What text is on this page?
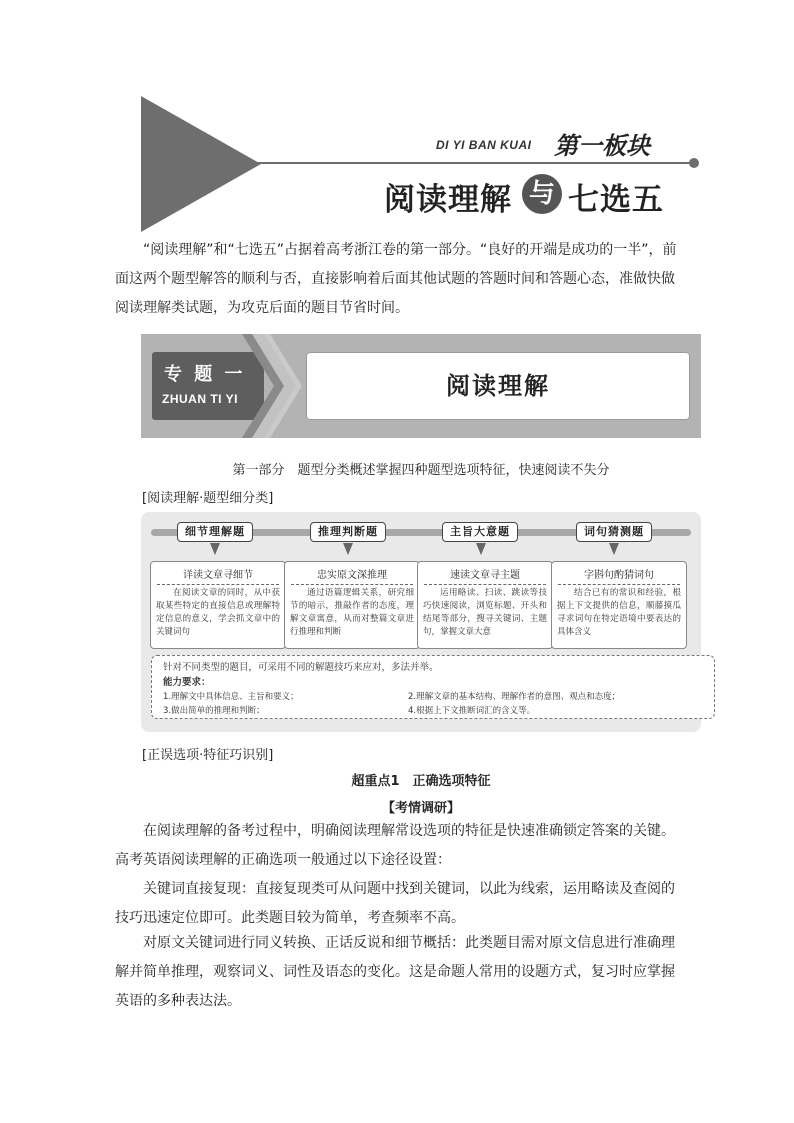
DI YI BAN KUAI 第一板块
阅读理解 与 七选五

“阅读理解”和“七选五”占据着高考浙江卷的第一部分。“良好的开端是成功的一半”，前面这两个题型解答的顺利与否，直接影响着后面其他试题的答题时间和答题心态，准做快做阅读理解类试题，为攻克后面的题目节省时间。

专 题 一
ZHUAN TI YI	阅读理解
第一部分　题型分类概述掌握四种题型选项特征，快速阅读不失分
[阅读理解·题型细分类]
细节理解题	推理判断题	主旨大意题	词句猜测题
详读文章寻细节
在阅读文章的同时，从中获取某些特定的直接信息或理解特定信息的意义，学会抓文章中的关键词句
忠实原文深推理
通过语篇逻辑关系，研究细节的暗示，推敲作者的态度，理解文章寓意，从而对整篇文章进行推理和判断
速读文章寻主题
运用略读、扫读、跳读等技巧快速阅读，浏览标题、开头和结尾等部分，搜寻关键词、主题句，掌握文章大意
字斟句酌猜词句
结合已有的常识和经验，根据上下文提供的信息，顺藤摸瓜寻求词句在特定语境中要表达的具体含义
针对不同类型的题目，可采用不同的解题技巧来应对，多法并举。
能力要求：
1.理解文中具体信息、主旨和要义；	2.理解文章的基本结构、理解作者的意图、观点和态度；
3.做出简单的推理和判断；	4.根据上下文推断词汇的含义等。
[正误选项·特征巧识别]
超重点1　正确选项特征
【考情调研】

在阅读理解的备考过程中，明确阅读理解常设选项的特征是快速准确锁定答案的关键。高考英语阅读理解的正确选项一般通过以下途径设置：

关键词直接复现：直接复现类可从问题中找到关键词，以此为线索，运用略读及查阅的技巧迅速定位即可。此类题目较为简单，考查频率不高。

对原文关键词进行同义转换、正话反说和细节概括：此类题目需对原文信息进行准确理解并简单推理，观察词义、词性及语态的变化。这是命题人常用的设题方式，复习时应掌握英语的多种表达法。
